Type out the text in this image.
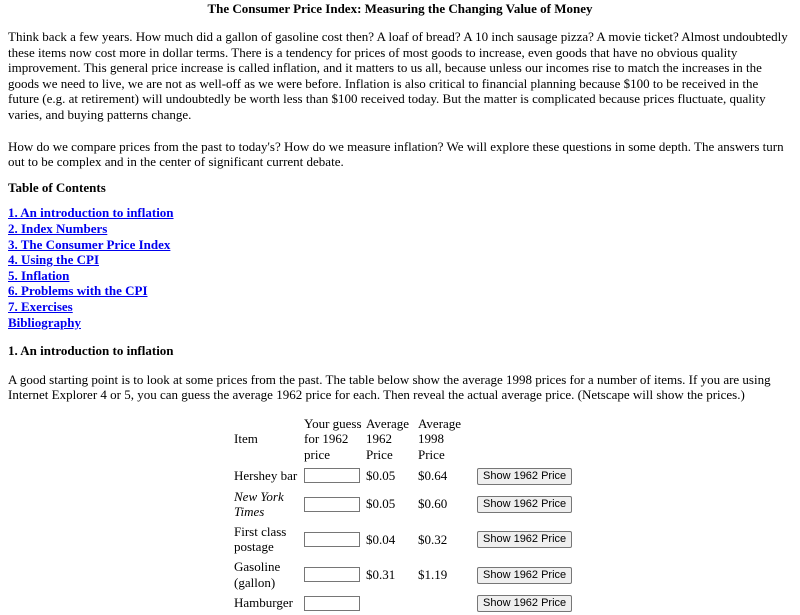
The Consumer Price Index: Measuring the Changing Value of Money

Think back a few years. How much did a gallon of gasoline cost then? A loaf of bread? A 10 inch sausage pizza? A movie ticket? Almost undoubtedly these items now cost more in dollar terms. There is a tendency for prices of most goods to increase, even goods that have no obvious quality improvement. This general price increase is called inflation, and it matters to us all, because unless our incomes rise to match the increases in the goods we need to live, we are not as well-off as we were before. Inflation is also critical to financial planning because $100 to be received in the future (e.g. at retirement) will undoubtedly be worth less than $100 received today. But the matter is complicated because prices fluctuate, quality varies, and buying patterns change.

How do we compare prices from the past to today's? How do we measure inflation? We will explore these questions in some depth. The answers turn out to be complex and in the center of significant current debate.

Table of Contents

1. An introduction to inflation
2. Index Numbers
3. The Consumer Price Index
4. Using the CPI
5. Inflation
6. Problems with the CPI
7. Exercises
Bibliography

1. An introduction to inflation

A good starting point is to look at some prices from the past. The table below show the average 1998 prices for a number of items. If you are using Internet Explorer 4 or 5, you can guess the average 1962 price for each. Then reveal the actual average price. (Netscape will show the prices.)

Item	Your guess for 1962 price	Average 1962 Price	Average 1998 Price	
Hershey bar		$0.05	$0.64	Show 1962 Price
New York Times		$0.05	$0.60	Show 1962 Price
First class postage		$0.04	$0.32	Show 1962 Price
Gasoline (gallon)		$0.31	$1.19	Show 1962 Price
Hamburger				Show 1962 Price
